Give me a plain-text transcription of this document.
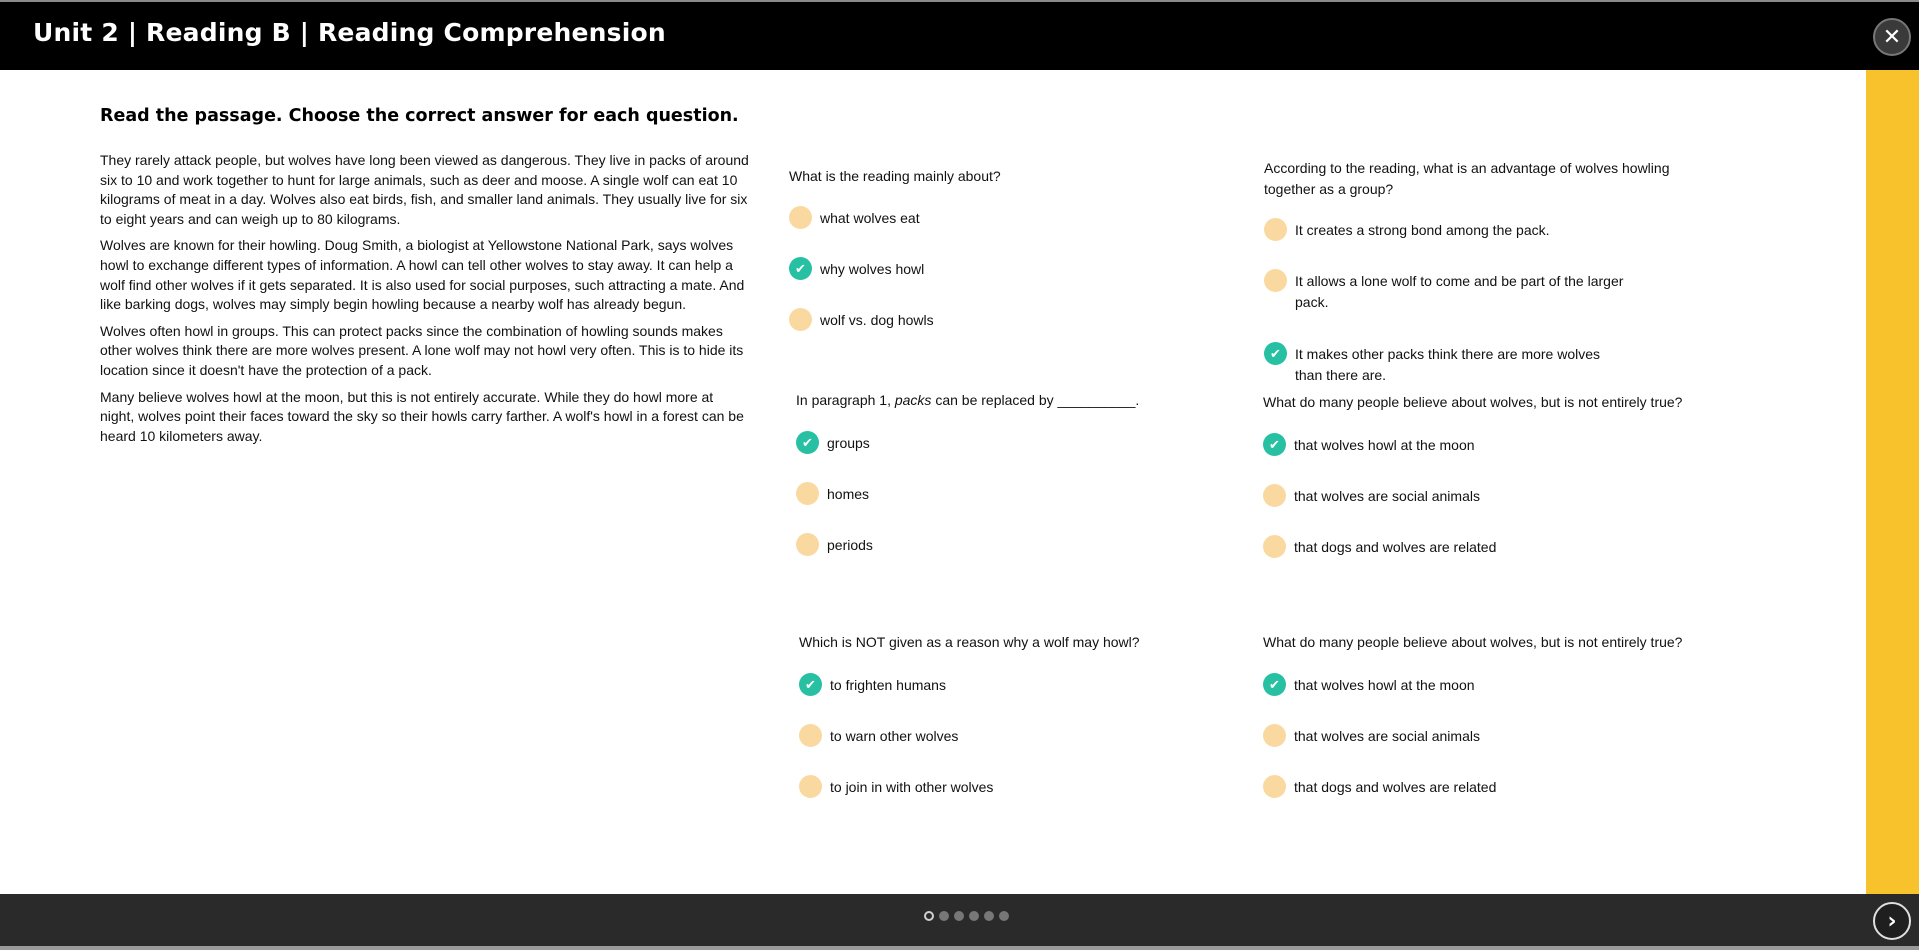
Unit 2 | Reading B | Reading Comprehension	✕
Read the passage. Choose the correct answer for each question.

They rarely attack people, but wolves have long been viewed as dangerous. They live in packs of around six to 10 and work together to hunt for large animals, such as deer and moose. A single wolf can eat 10 kilograms of meat in a day. Wolves also eat birds, fish, and smaller land animals. They usually live for six to eight years and can weigh up to 80 kilograms.

Wolves are known for their howling. Doug Smith, a biologist at Yellowstone National Park, says wolves howl to exchange different types of information. A howl can tell other wolves to stay away. It can help a wolf find other wolves if it gets separated. It is also used for social purposes, such attracting a mate. And like barking dogs, wolves may simply begin howling because a nearby wolf has already begun.

Wolves often howl in groups. This can protect packs since the combination of howling sounds makes other wolves think there are more wolves present. A lone wolf may not howl very often. This is to hide its location since it doesn't have the protection of a pack.

Many believe wolves howl at the moon, but this is not entirely accurate. While they do howl more at night, wolves point their faces toward the sky so their howls carry farther. A wolf's howl in a forest can be heard 10 kilometers away.

What is the reading mainly about?
what wolves eat
✔ why wolves howl
wolf vs. dog howls
In paragraph 1, packs can be replaced by __________.
✔ groups
homes
periods
Which is NOT given as a reason why a wolf may howl?
✔ to frighten humans
to warn other wolves
to join in with other wolves
According to the reading, what is an advantage of wolves howling together as a group?
It creates a strong bond among the pack.
It allows a lone wolf to come and be part of the larger pack.
✔ It makes other packs think there are more wolves than there are.
What do many people believe about wolves, but is not entirely true?
✔ that wolves howl at the moon
that wolves are social animals
that dogs and wolves are related
What do many people believe about wolves, but is not entirely true?
✔ that wolves howl at the moon
that wolves are social animals
that dogs and wolves are related
›
